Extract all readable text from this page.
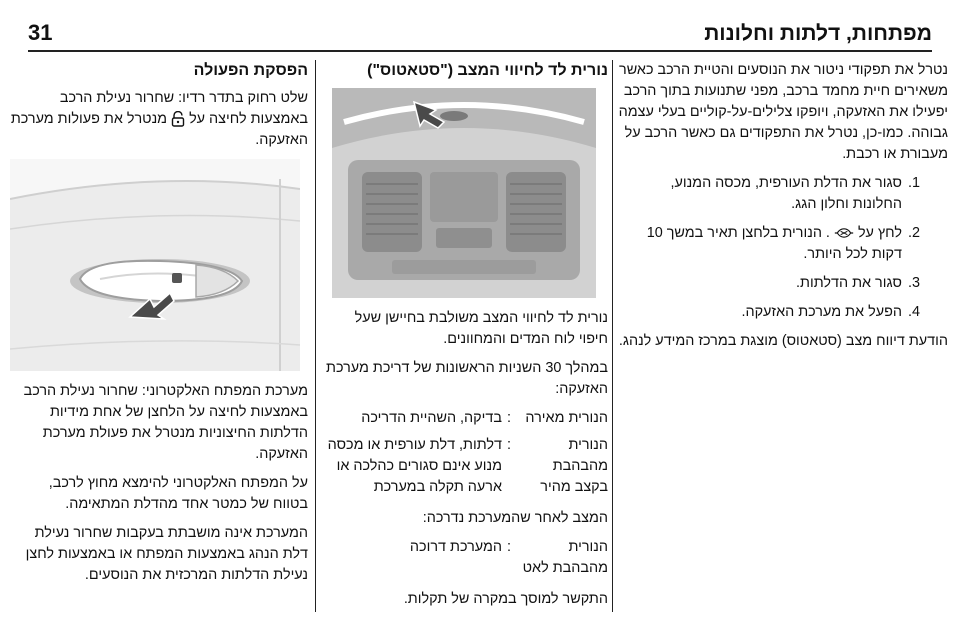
31	מפתחות, דלתות וחלונות

נטרל את תפקודי ניטור את הנוסעים והטיית הרכב כאשר משאירים חיית מחמד ברכב, מפני שתנועות בתוך הרכב יפעילו את האזעקה, ויופקו צלילים-על-קוליים בעלי עצמה גבוהה. כמו-כן, נטרל את התפקודים גם כאשר הרכב על מעבורת או רכבת.

1.
סגור את הדלת העורפית, מכסה המנוע, החלונות וחלון הגג.
2.
לחץ על  . הנורית בלחצן תאיר במשך 10 דקות לכל היותר.
3.
סגור את הדלתות.
4.
הפעל את מערכת האזעקה.

הודעת דיווח מצב (סטאטוס) מוצגת במרכז המידע לנהג.

נורית לד לחיווי המצב ("סטאטוס")

נורית לד לחיווי המצב משולבת בחיישן שעל חיפוי לוח המדים והמחוונים.

במהלך 30 השניות הראשונות של דריכת מערכת האזעקה:

הנורית מאירה
:
בדיקה, השהיית הדריכה
הנורית מהבהבת בקצב מהיר
:
דלתות, דלת עורפית או מכסה מנוע אינם סגורים כהלכה או ארעה תקלה במערכת

המצב לאחר שהמערכת נדרכה:

הנורית מהבהבת לאט
:
המערכת דרוכה

התקשר למוסך במקרה של תקלות.

הפסקת הפעולה

שלט רחוק בתדר רדיו: שחרור נעילת הרכב באמצעות לחיצה על  מנטרל את פעולות מערכת האזעקה.

מערכת המפתח האלקטרוני: שחרור נעילת הרכב באמצעות לחיצה על הלחצן של אחת מידיות הדלתות החיצוניות מנטרל את פעולת מערכת האזעקה.

על המפתח האלקטרוני להימצא מחוץ לרכב, בטווח של כמטר אחד מהדלת המתאימה.

המערכת אינה מושבתת בעקבות שחרור נעילת דלת הנהג באמצעות המפתח או באמצעות לחצן נעילת הדלתות המרכזית את הנוסעים.
